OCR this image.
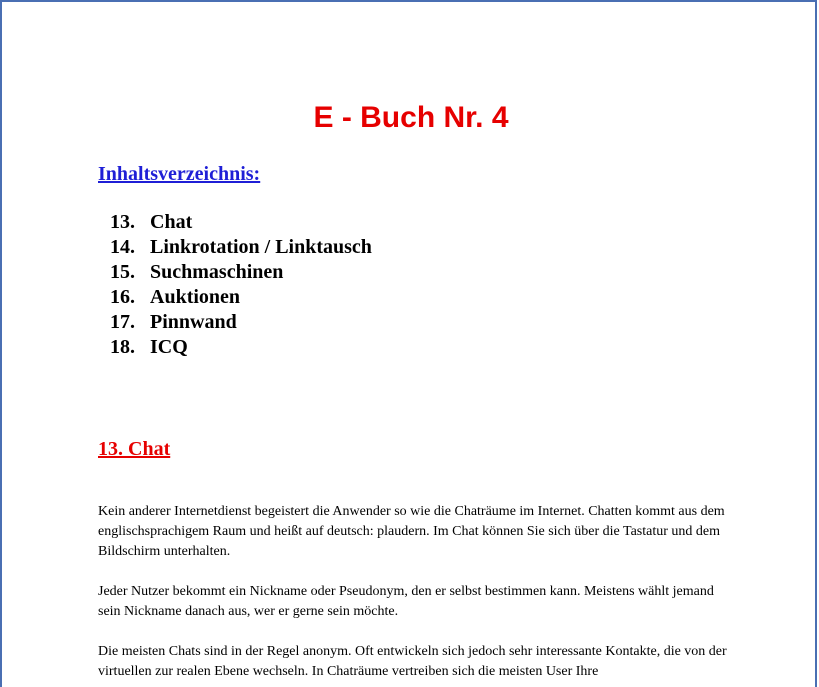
E - Buch Nr. 4
Inhaltsverzeichnis:
13. Chat
14. Linkrotation / Linktausch
15. Suchmaschinen
16. Auktionen
17. Pinnwand
18. ICQ
13. Chat

Kein anderer Internetdienst begeistert die Anwender so wie die Chaträume im Internet. Chatten kommt aus dem englischsprachigem Raum und heißt auf deutsch: plaudern. Im Chat können Sie sich über die Tastatur und dem Bildschirm unterhalten.

Jeder Nutzer bekommt ein Nickname oder Pseudonym, den er selbst bestimmen kann. Meistens wählt jemand sein Nickname danach aus, wer er gerne sein möchte.

Die meisten Chats sind in der Regel anonym. Oft entwickeln sich jedoch sehr interessante Kontakte, die von der virtuellen zur realen Ebene wechseln. In Chaträume vertreiben sich die meisten User Ihre
